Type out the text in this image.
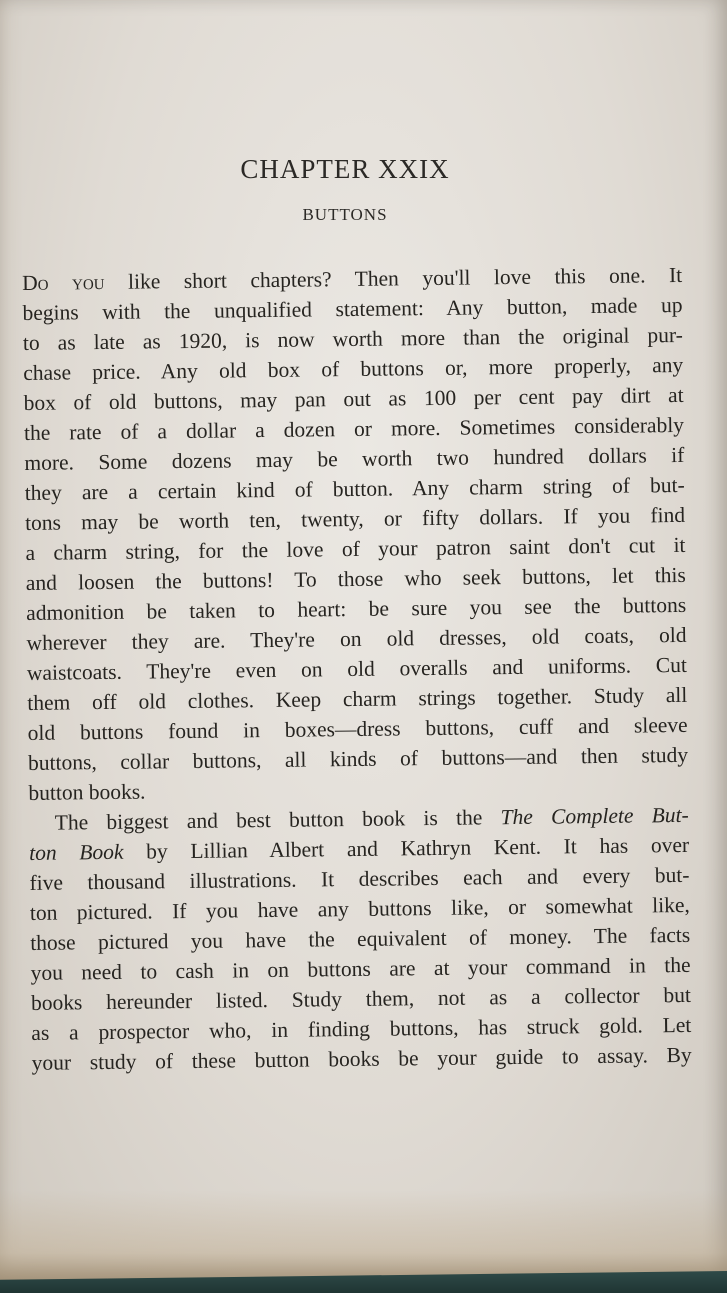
CHAPTER XXIX
BUTTONS
Do you like short chapters? Then you'll love this one. It
begins with the unqualified statement: Any button, made up
to as late as 1920, is now worth more than the original pur-
chase price. Any old box of buttons or, more properly, any
box of old buttons, may pan out as 100 per cent pay dirt at
the rate of a dollar a dozen or more. Sometimes considerably
more. Some dozens may be worth two hundred dollars if
they are a certain kind of button. Any charm string of but-
tons may be worth ten, twenty, or fifty dollars. If you find
a charm string, for the love of your patron saint don't cut it
and loosen the buttons! To those who seek buttons, let this
admonition be taken to heart: be sure you see the buttons
wherever they are. They're on old dresses, old coats, old
waistcoats. They're even on old overalls and uniforms. Cut
them off old clothes. Keep charm strings together. Study all
old buttons found in boxes—dress buttons, cuff and sleeve
buttons, collar buttons, all kinds of buttons—and then study
button books.
The biggest and best button book is the The Complete But-
ton Book by Lillian Albert and Kathryn Kent. It has over
five thousand illustrations. It describes each and every but-
ton pictured. If you have any buttons like, or somewhat like,
those pictured you have the equivalent of money. The facts
you need to cash in on buttons are at your command in the
books hereunder listed. Study them, not as a collector but
as a prospector who, in finding buttons, has struck gold. Let
your study of these button books be your guide to assay. By
